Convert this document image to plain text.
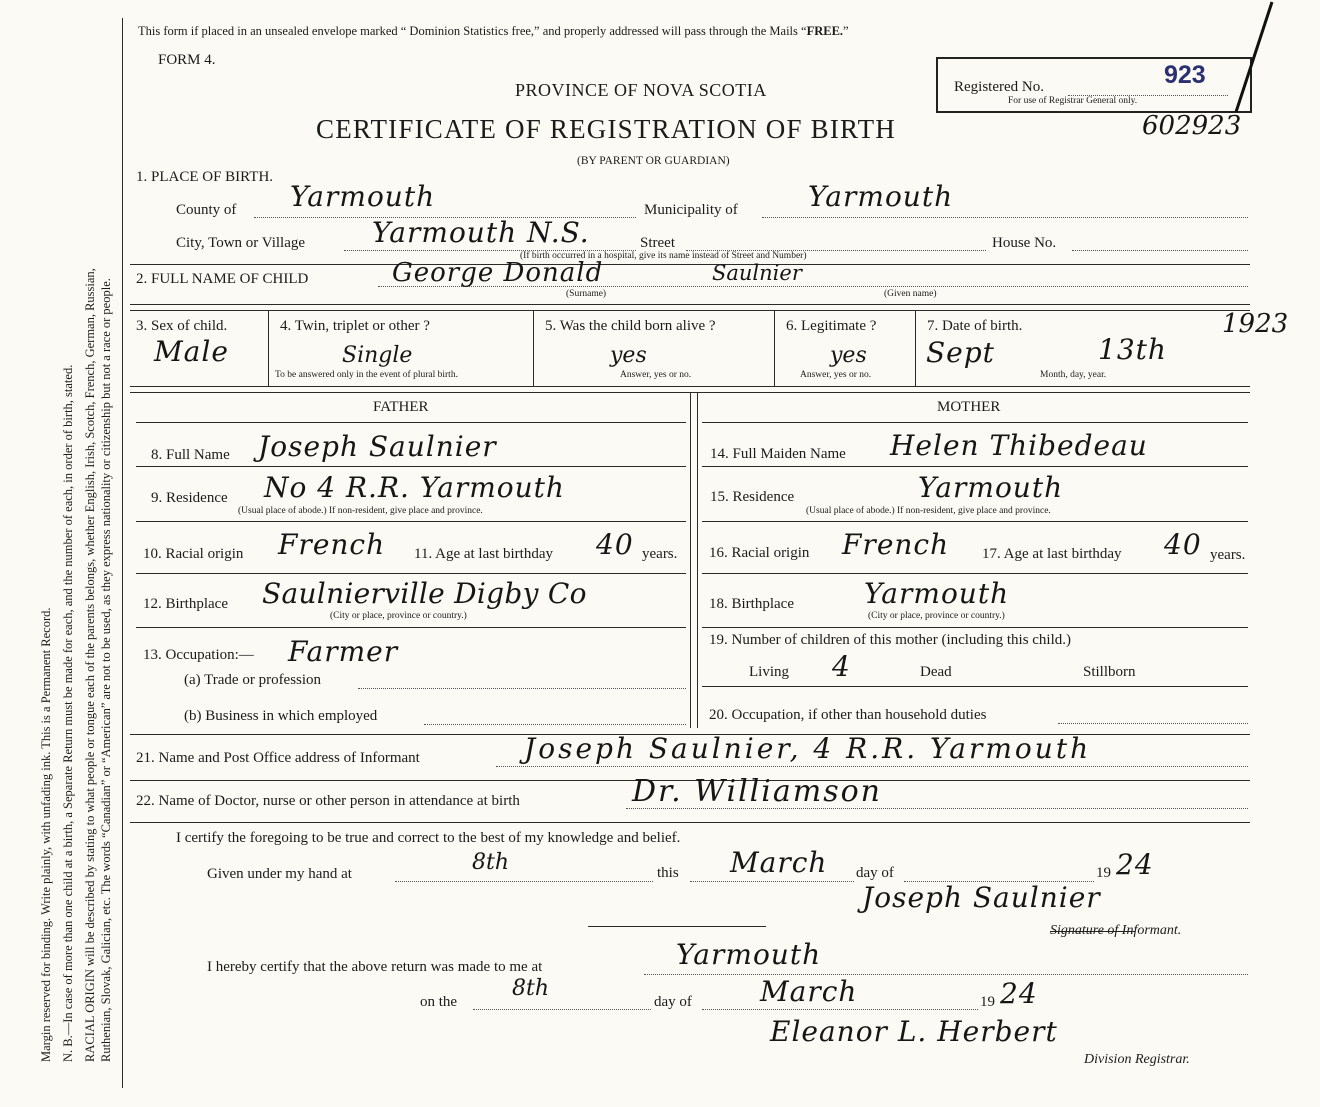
Margin reserved for binding. Write plainly, with unfading ink. This is a Permanent Record. N. B.—In case of more than one child at a birth, a Separate Return must be made for each, and the number of each, in order of birth, stated. RACIAL ORIGIN will be described by stating to what people or tongue each of the parents belongs, whether English, Irish, Scotch, French, German, Russian, Ruthenian, Slovak, Galician, etc. The words “Canadian” or “American” are not to be used, as they express nationality or citizenship but not a race or people.
This form if placed in an unsealed envelope marked “ Dominion Statistics free,” and properly addressed will pass through the Mails “FREE.”
FORM 4.
PROVINCE OF NOVA SCOTIA
CERTIFICATE OF REGISTRATION OF BIRTH
(BY PARENT OR GUARDIAN)
Registered No.	923
For use of Registrar General only.
602923
1. PLACE OF BIRTH.
County of Yarmouth	Municipality of	Yarmouth
City, Town or Village Yarmouth N.S.	Street	House No.
(If birth occurred in a hospital, give its name instead of Street and Number)
2. FULL NAME OF CHILD	George Donald	Saulnier
(Surname)	(Given name)
3. Sex of child.
Male
4. Twin, triplet or other ?
Single
To be answered only in the event of plural birth.
5. Was the child born alive ?
yes
Answer, yes or no.
6. Legitimate ?
yes
Answer, yes or no.
7. Date of birth.
Sept	13th
1923
Month, day, year.
FATHER	MOTHER
8. Full Name Joseph Saulnier
9. Residence No 4 R.R. Yarmouth
(Usual place of abode.) If non-resident, give place and province.
10. Racial origin French 11. Age at last birthday 40 years.
12. Birthplace Saulnierville Digby Co
(City or place, province or country.)
13. Occupation:— Farmer
(a) Trade or profession
(b) Business in which employed
14. Full Maiden Name Helen Thibedeau
15. Residence	Yarmouth
(Usual place of abode.) If non-resident, give place and province.
16. Racial origin French 17. Age at last birthday 40 years.
18. Birthplace	Yarmouth
(City or place, province or country.)
19. Number of children of this mother (including this child.)
Living 4	Dead	Stillborn
20. Occupation, if other than household duties
21. Name and Post Office address of Informant	Joseph Saulnier, 4 R.R. Yarmouth
22. Name of Doctor, nurse or other person in attendance at birth	Dr. Williamson
I certify the foregoing to be true and correct to the best of my knowledge and belief.
Given under my hand at	8th	this March day of	19 24
Joseph Saulnier
Signature of Informant.
I hereby certify that the above return was made to me at	Yarmouth
on the
8th
day of March	19 24
Eleanor L. Herbert
Division Registrar.
